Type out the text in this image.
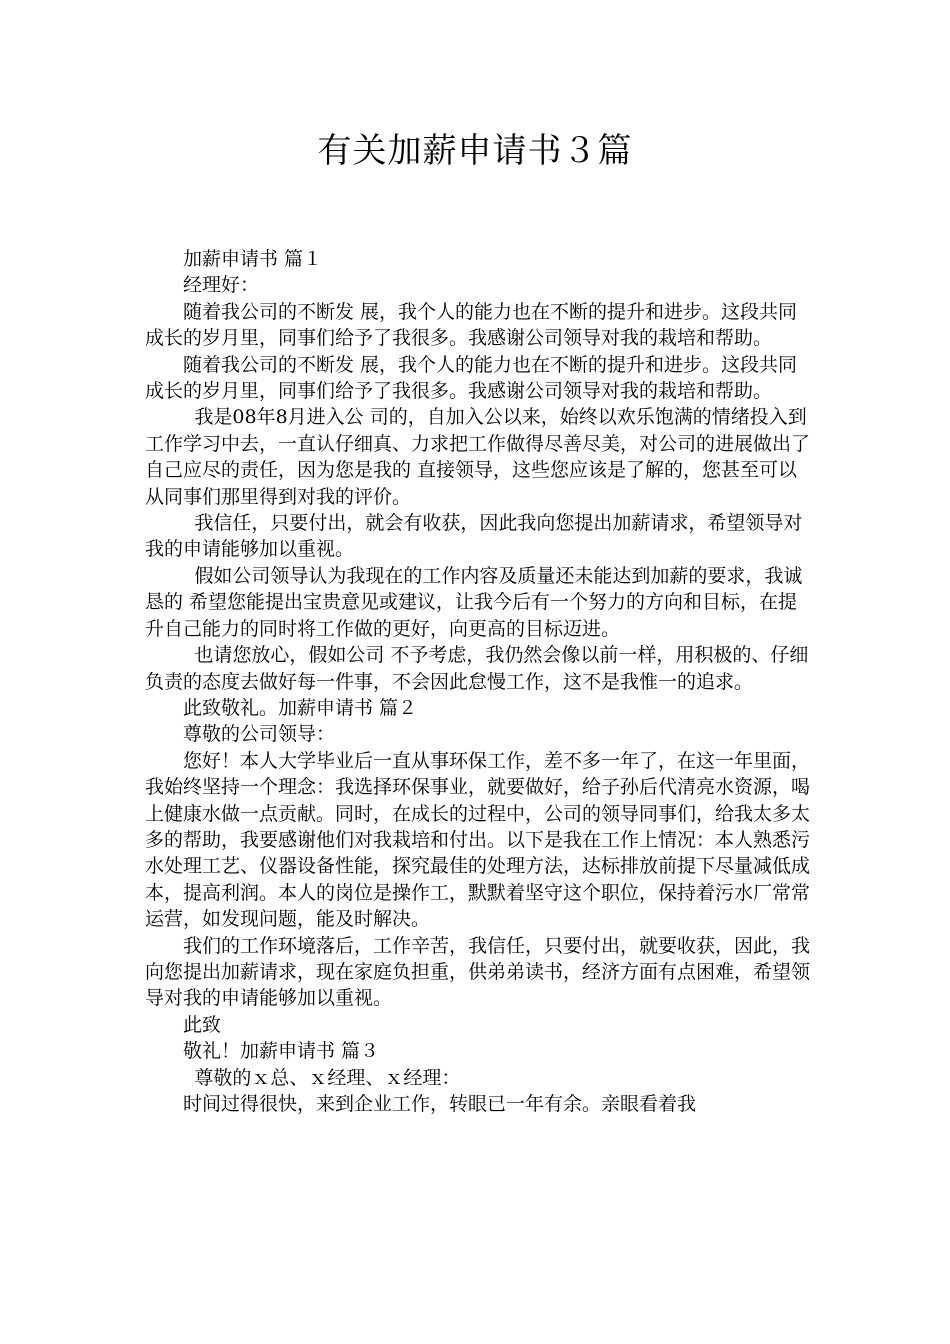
有关加薪申请书３篇

加薪申请书 篇１

经理好：

随着我公司的不断发 展，我个人的能力也在不断的提升和进步。这段共同成长的岁月里，同事们给予了我很多。我感谢公司领导对我的栽培和帮助。

随着我公司的不断发 展，我个人的能力也在不断的提升和进步。这段共同成长的岁月里，同事们给予了我很多。我感谢公司领导对我的栽培和帮助。

我是08年8月进入公 司的，自加入公以来，始终以欢乐饱满的情绪投入到工作学习中去，一直认仔细真、力求把工作做得尽善尽美，对公司的进展做出了自己应尽的责任，因为您是我的 直接领导，这些您应该是了解的，您甚至可以从同事们那里得到对我的评价。

我信任，只要付出，就会有收获，因此我向您提出加薪请求，希望领导对 我的申请能够加以重视。

假如公司领导认为我现在的工作内容及质量还未能达到加薪的要求，我诚恳的 希望您能提出宝贵意见或建议，让我今后有一个努力的方向和目标，在提升自己能力的同时将工作做的更好，向更高的目标迈进。

也请您放心，假如公司 不予考虑，我仍然会像以前一样，用积极的、仔细负责的态度去做好每一件事，不会因此怠慢工作，这不是我惟一的追求。

此致敬礼。加薪申请书 篇２

尊敬的公司领导：

您好！本人大学毕业后一直从事环保工作，差不多一年了，在这一年里面，我始终坚持一个理念：我选择环保事业，就要做好，给子孙后代清亮水资源，喝上健康水做一点贡献。同时，在成长的过程中，公司的领导同事们，给我太多太多的帮助，我要感谢他们对我栽培和付出。以下是我在工作上情况：本人熟悉污水处理工艺、仪器设备性能，探究最佳的处理方法，达标排放前提下尽量减低成本，提高利润。本人的岗位是操作工，默默着坚守这个职位，保持着污水厂常常运营，如发现问题，能及时解决。

我们的工作环境落后，工作辛苦，我信任，只要付出，就要收获，因此，我向您提出加薪请求，现在家庭负担重，供弟弟读书，经济方面有点困难，希望领导对我的申请能够加以重视。

此致

敬礼！加薪申请书 篇３

尊敬的ｘ总、ｘ经理、ｘ经理：

时间过得很快，来到企业工作，转眼已一年有余。亲眼看着我
